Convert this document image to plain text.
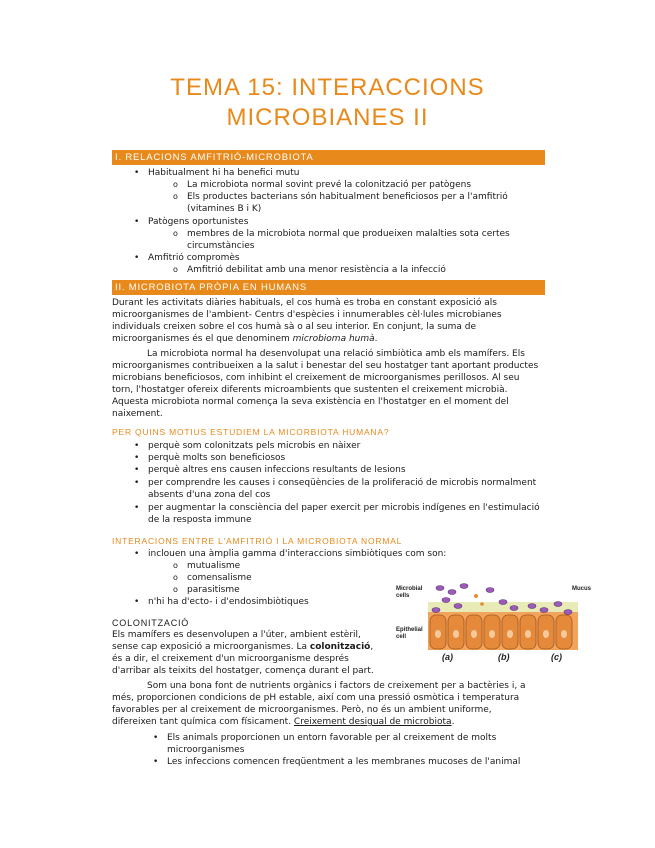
TEMA 15: INTERACCIONS
MICROBIANES II
I. RELACIONS AMFITRIÓ-MICROBIOTA
• Habitualment hi ha benefici mutu
o La microbiota normal sovint prevé la colonització per patògens
o Els productes bacterians són habitualment beneficiosos per a l'amfitrió
(vitamines B i K)
• Patògens oportunistes
o membres de la microbiota normal que produeixen malalties sota certes
circumstàncies
• Amfitrió compromès
o Amfitrió debilitat amb una menor resistència a la infecció
II. MICROBIOTA PRÒPIA EN HUMANS
Durant les activitats diàries habituals, el cos humà es troba en constant exposició als
microorganismes de l'ambient- Centrs d'espècies i innumerables cèl·lules microbianes
individuals creixen sobre el cos humà sà o al seu interior. En conjunt, la suma de
microorganismes és el que denominem microbioma humà.
La microbiota normal ha desenvolupat una relació simbiòtica amb els mamífers. Els
microorganismes contribueixen a la salut i benestar del seu hostatger tant aportant productes
microbians beneficiosos, com inhibint el creixement de microorganismes perillosos. Al seu
torn, l'hostatger ofereix diferents microambients que sustenten el creixement microbià.
Aquesta microbiota normal comença la seva existència en l'hostatger en el moment del
naixement.
PER QUINS MOTIUS ESTUDIEM LA MICORBIOTA HUMANA?
• perquè som colonitzats pels microbis en nàixer
• perquè molts son beneficiosos
• perquè altres ens causen infeccions resultants de lesions
• per comprendre les causes i conseqüències de la proliferació de microbis normalment
absents d'una zona del cos
• per augmentar la consciència del paper exercit per microbis indígenes en l'estimulació
de la resposta immune
INTERACIONS ENTRE L'AMFITRIÓ I LA MICROBIOTA NORMAL
• inclouen una àmplia gamma d'interaccions simbiòtiques com son:
o mutualisme
o comensalisme
o parasitisme
• n'hi ha d'ecto- i d'endosimbiòtiques
COLONITZACIÓ
Els mamífers es desenvolupen a l'úter, ambient estèril,
sense cap exposició a microorganismes. La colonització,
és a dir, el creixement d'un microorganisme després
d'arribar als teixits del hostatger, comença durant el part.
Microbial
cells
Mucus
Epithelial
cell
(a)	(b)	(c)
Som una bona font de nutrients orgànics i factors de creixement per a bactèries i, a
més, proporcionen condicions de pH estable, així com una pressió osmòtica i temperatura
favorables per al creixement de microorganismes. Però, no és un ambient uniforme,
difereixen tant química com físicament. Creixement desigual de microbiota.
• Els animals proporcionen un entorn favorable per al creixement de molts
microorganismes
• Les infeccions comencen freqüentment a les membranes mucoses de l'animal
